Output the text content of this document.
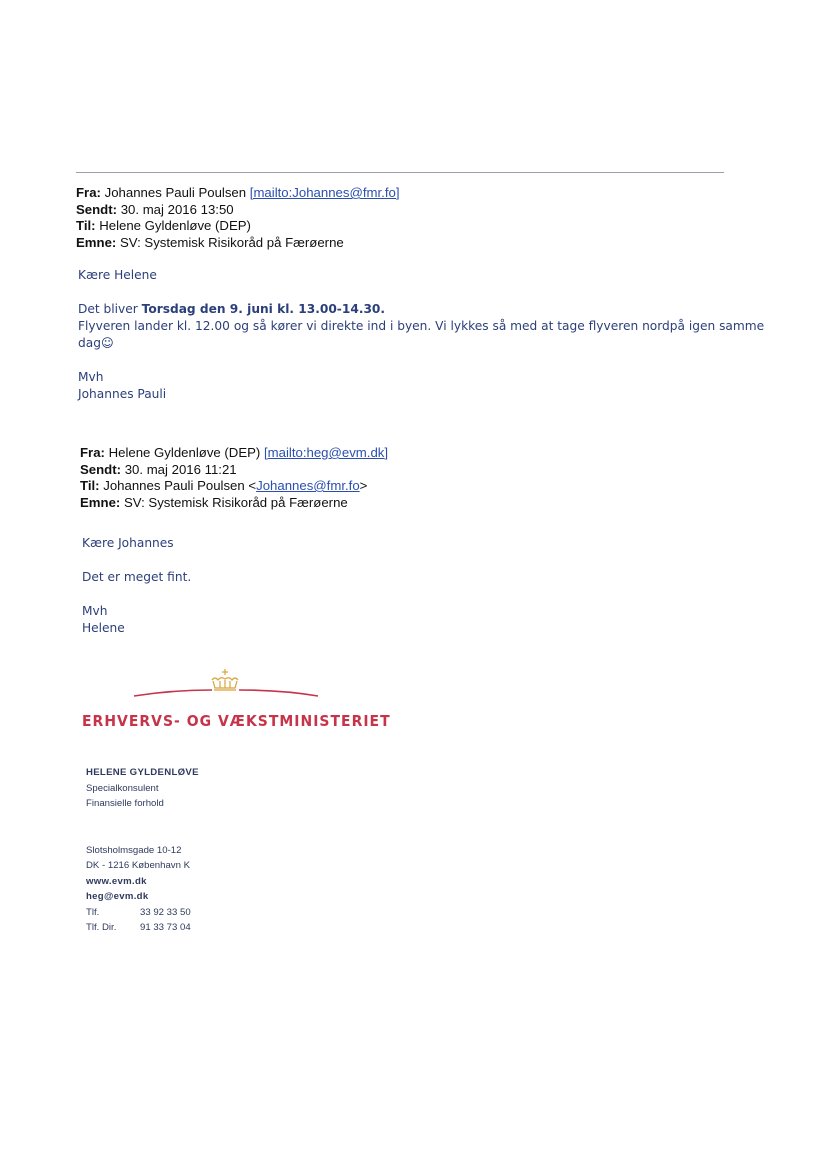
Fra: Johannes Pauli Poulsen [mailto:Johannes@fmr.fo]
Sendt: 30. maj 2016 13:50
Til: Helene Gyldenløve (DEP)
Emne: SV: Systemisk Risikoråd på Færøerne

Kære Helene

Det bliver Torsdag den 9. juni kl. 13.00-14.30.

Flyveren lander kl. 12.00 og så kører vi direkte ind i byen. Vi lykkes så med at tage flyveren nordpå igen samme

dag☺

Mvh

Johannes Pauli

Fra: Helene Gyldenløve (DEP) [mailto:heg@evm.dk]
Sendt: 30. maj 2016 11:21
Til: Johannes Pauli Poulsen <Johannes@fmr.fo>
Emne: SV: Systemisk Risikoråd på Færøerne

Kære Johannes

Det er meget fint.

Mvh

Helene

ERHVERVS- OG VÆKSTMINISTERIET
HELENE GYLDENLØVE
Specialkonsulent
Finansielle forhold
Slotsholmsgade 10-12
DK - 1216 København K
www.evm.dk
heg@evm.dk
Tlf.	33 92 33 50
Tlf. Dir. 91 33 73 04
